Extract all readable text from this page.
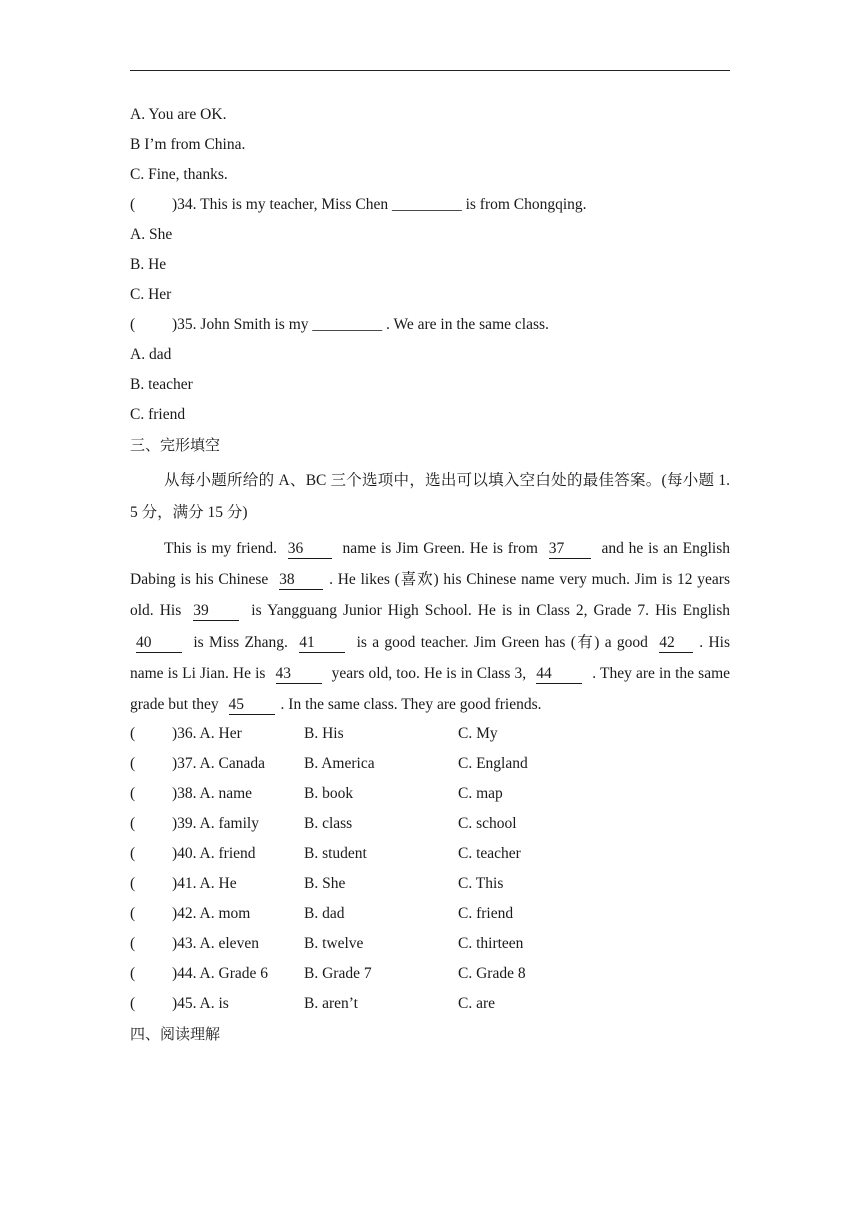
A. You are OK.
B I’m from China.
C. Fine, thanks.
( )34. This is my teacher, Miss Chen _________ is from Chongqing.
A. She
B. He
C. Her
( )35. John Smith is my _________ . We are in the same class.
A. dad
B. teacher
C. friend
三、完形填空

从每小题所给的 A、BC 三个选项中，选出可以填入空白处的最佳答案。(每小题 1. 5 分，满分 15 分)

This is my friend. 36 name is Jim Green. He is from 37 and he is an English Dabing is his Chinese 38 . He likes (喜欢) his Chinese name very much. Jim is 12 years old. His 39 is Yangguang Junior High School. He is in Class 2, Grade 7. His English 40 is Miss Zhang. 41 is a good teacher. Jim Green has (有) a good 42 . His name is Li Jian. He is 43 years old, too. He is in Class 3, 44 . They are in the same grade but they 45 . In the same class. They are good friends.

( )36. A. Her	B. His	C. My
( )37. A. Canada	B. America	C. England
( )38. A. name	B. book	C. map
( )39. A. family	B. class	C. school
( )40. A. friend	B. student	C. teacher
( )41. A. He	B. She	C. This
( )42. A. mom	B. dad	C. friend
( )43. A. eleven	B. twelve	C. thirteen
( )44. A. Grade 6 B. Grade 7	C. Grade 8
( )45. A. is	B. aren’t	C. are
四、阅读理解
